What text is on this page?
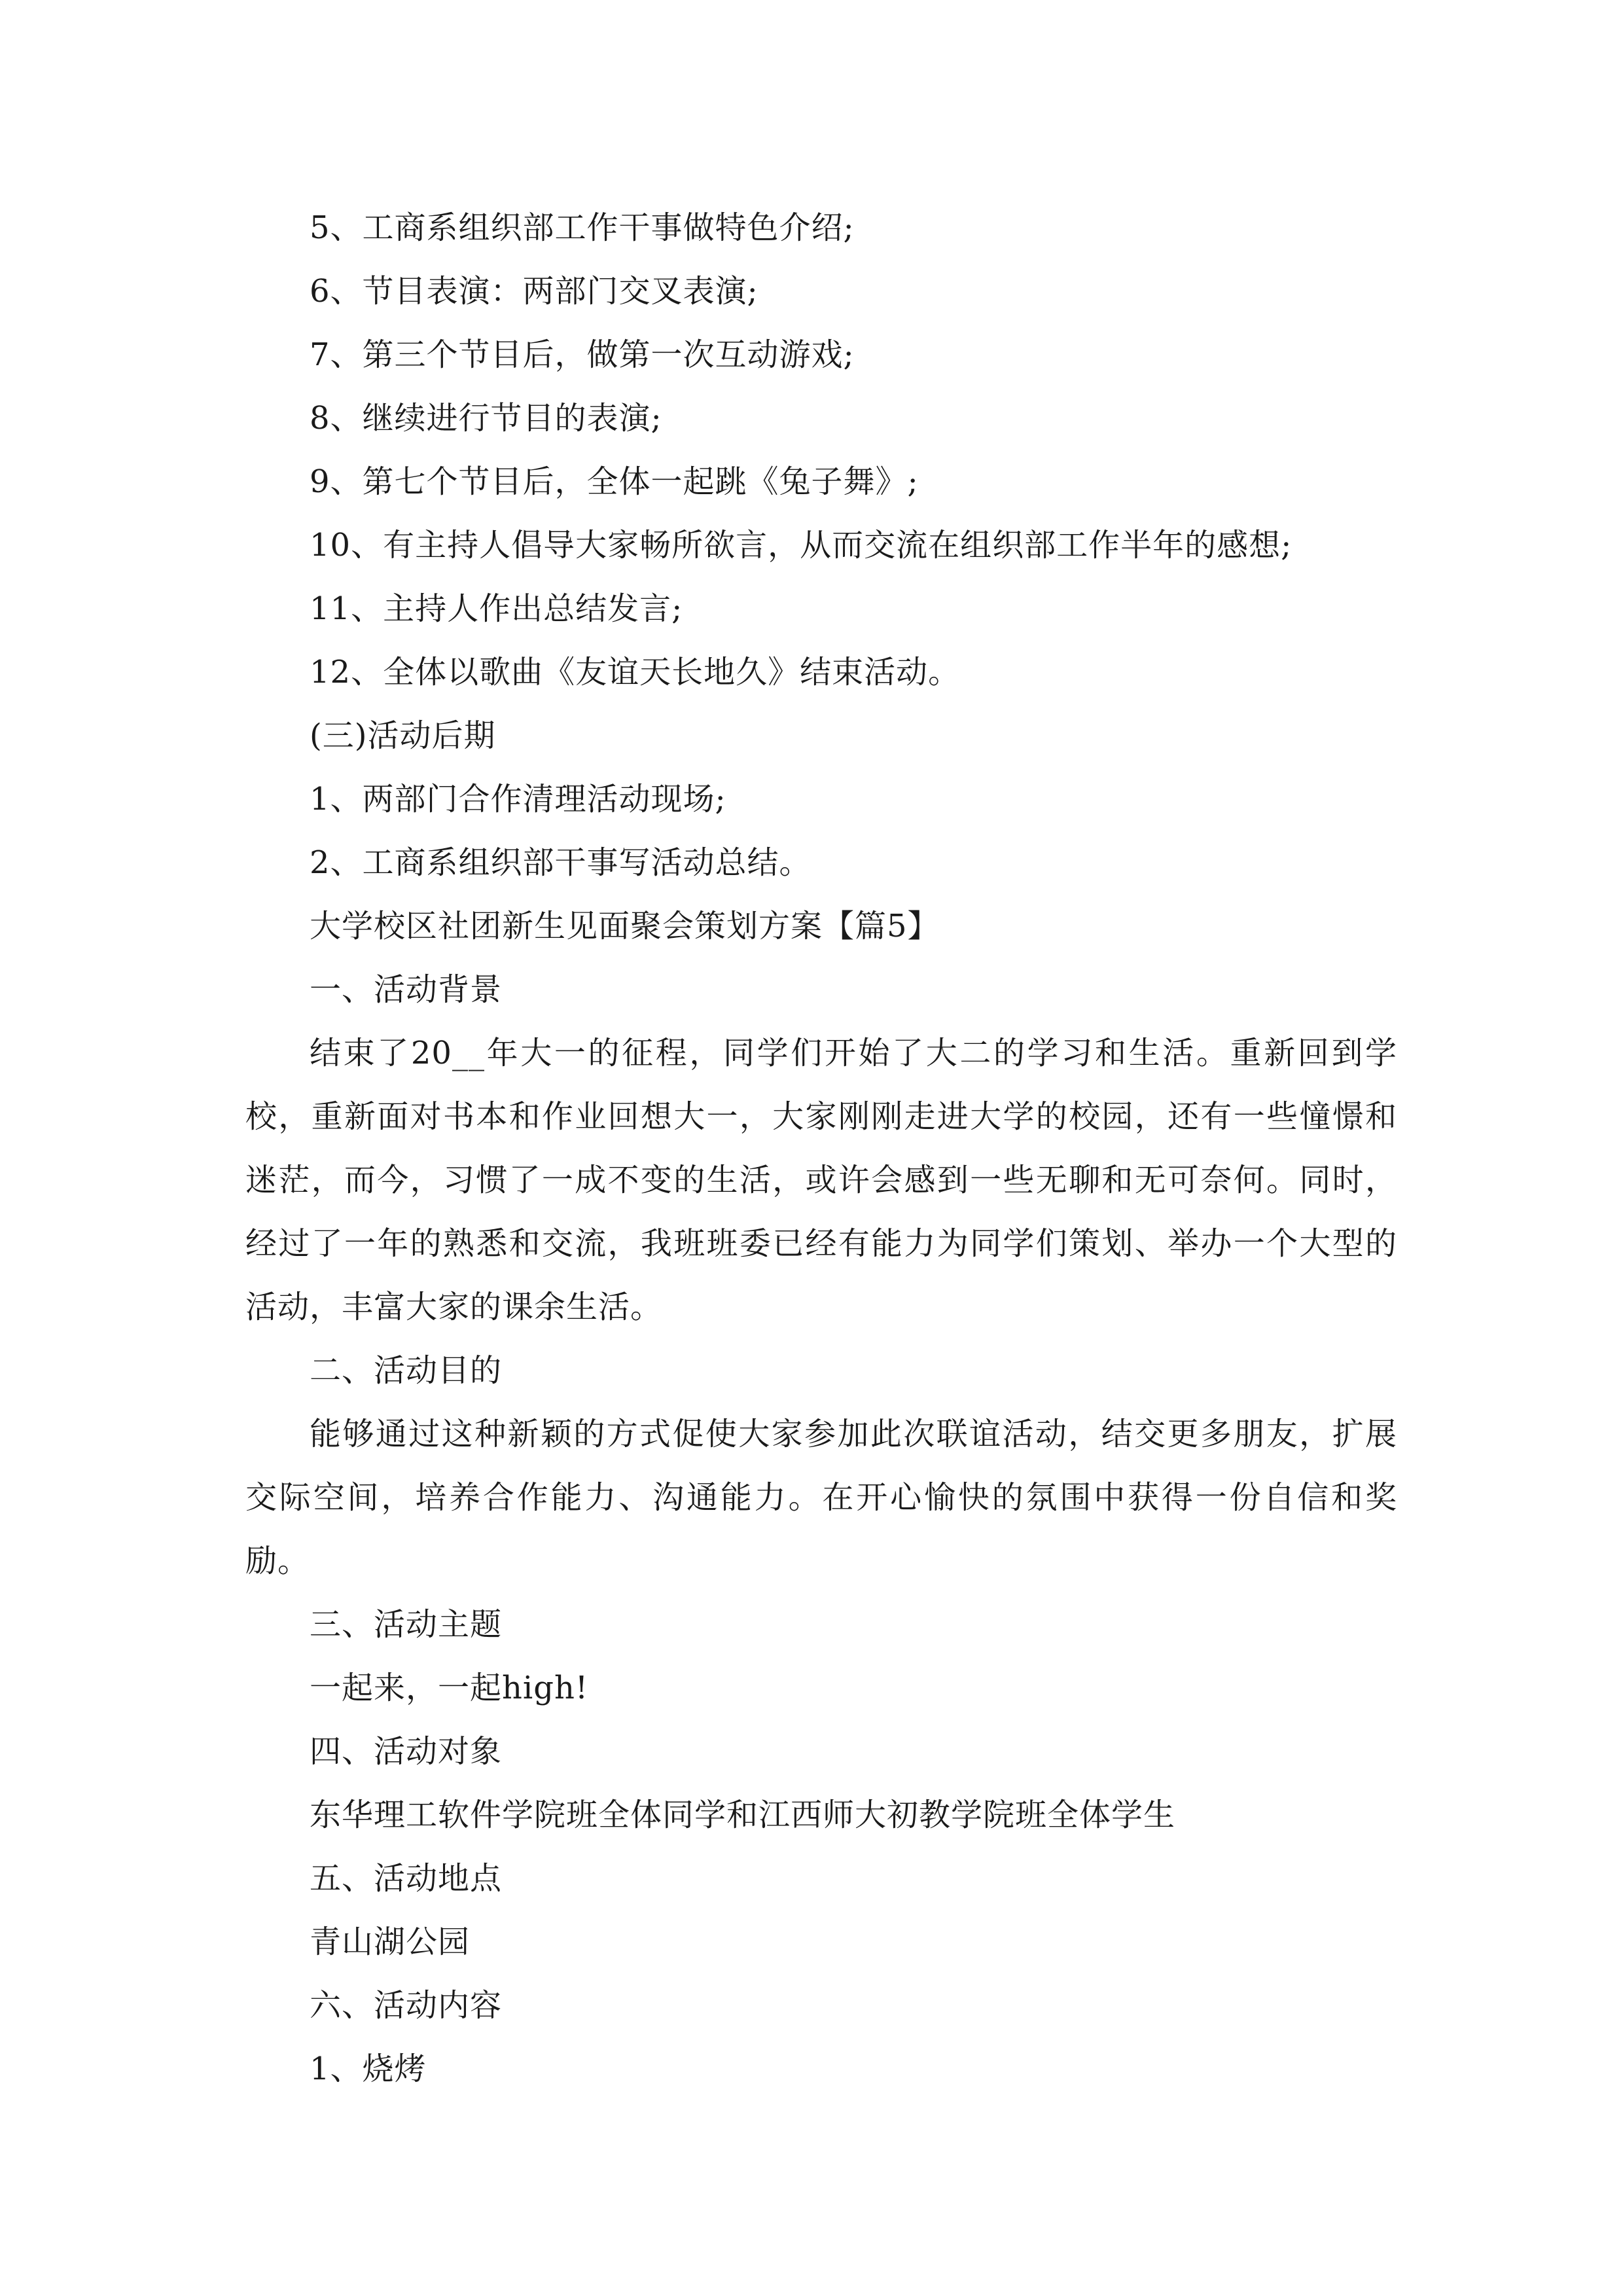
5、工商系组织部工作干事做特色介绍;
6、节目表演：两部门交叉表演;
7、第三个节目后，做第一次互动游戏;
8、继续进行节目的表演;
9、第七个节目后，全体一起跳《兔子舞》;
10、有主持人倡导大家畅所欲言，从而交流在组织部工作半年的感想;
11、主持人作出总结发言;
12、全体以歌曲《友谊天长地久》结束活动。
(三)活动后期
1、两部门合作清理活动现场;
2、工商系组织部干事写活动总结。
大学校区社团新生见面聚会策划方案【篇5】
一、活动背景
结束了20__年大一的征程，同学们开始了大二的学习和生活。重新回到学校，重新面对书本和作业回想大一，大家刚刚走进大学的校园，还有一些憧憬和迷茫，而今，习惯了一成不变的生活，或许会感到一些无聊和无可奈何。同时，经过了一年的熟悉和交流，我班班委已经有能力为同学们策划、举办一个大型的活动，丰富大家的课余生活。
二、活动目的
能够通过这种新颖的方式促使大家参加此次联谊活动，结交更多朋友，扩展交际空间，培养合作能力、沟通能力。在开心愉快的氛围中获得一份自信和奖励。
三、活动主题
一起来，一起high!
四、活动对象
东华理工软件学院班全体同学和江西师大初教学院班全体学生
五、活动地点
青山湖公园
六、活动内容
1、烧烤
